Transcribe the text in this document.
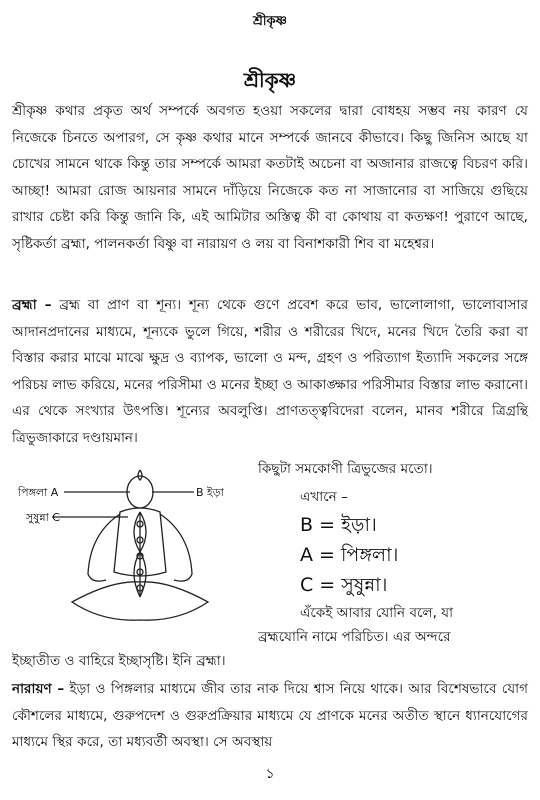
শ্রীকৃষ্ণ
শ্রীকৃষ্ণ

শ্রীকৃষ্ণ কথার প্রকৃত অর্থ সম্পর্কে অবগত হওয়া সকলের দ্বারা বোধহয় সম্ভব নয় কারণ যে নিজেকে চিনতে অপারগ, সে কৃষ্ণ কথার মানে সম্পর্কে জানবে কীভাবে। কিছু জিনিস আছে যা চোখের সামনে থাকে কিন্তু তার সম্পর্কে আমরা কতটাই অচেনা বা অজানার রাজত্বে বিচরণ করি। আচ্ছা! আমরা রোজ আয়নার সামনে দাঁড়িয়ে নিজেকে কত না সাজানোর বা সাজিয়ে গুছিয়ে রাখার চেষ্টা করি কিন্তু জানি কি, এই আমিটার অস্তিত্ব কী বা কোথায় বা কতক্ষণ! পুরাণে আছে, সৃষ্টিকর্তা ব্রহ্মা, পালনকর্তা বিষ্ণু বা নারায়ণ ও লয় বা বিনাশকারী শিব বা মহেশ্বর।

ব্রহ্মা – ব্রহ্ম বা প্রাণ বা শূন্য। শূন্য থেকে গুণে প্রবেশ করে ভাব, ভালোলাগা, ভালোবাসার আদানপ্রদানের মাধ্যমে, শূন্যকে ভুলে গিয়ে, শরীর ও শরীরের খিদে, মনের খিদে তৈরি করা বা বিস্তার করার মাঝে মাঝে ক্ষুদ্র ও ব্যাপক, ভালো ও মন্দ, গ্রহণ ও পরিত্যাগ ইত্যাদি সকলের সঙ্গে পরিচয় লাভ করিয়ে, মনের পরিসীমা ও মনের ইচ্ছা ও আকাঙ্ক্ষার পরিসীমার বিস্তার লাভ করানো। এর থেকে সংখ্যার উৎপত্তি। শূন্যের অবলুপ্তি। প্রাণতত্ত্ববিদেরা বলেন, মানব শরীরে ত্রিগ্রন্থি ত্রিভুজাকারে দণ্ডায়মান।

কিছুটা সমকোণী ত্রিভুজের মতো।
এখানে –
B = ইড়া।
A = পিঙ্গলা।
C = সুষুন্না।
এঁকেই আবার যোনি বলে, যা
ব্রহ্মযোনি নামে পরিচিত। এর অন্দরে
পিঙ্গলা A
সুষুন্না C
B ইড়া
ইচ্ছাতীত ও বাহিরে ইচ্ছাসৃষ্টি। ইনি ব্রহ্মা।

নারায়ণ – ইড়া ও পিঙ্গলার মাধ্যমে জীব তার নাক দিয়ে শ্বাস নিয়ে থাকে। আর বিশেষভাবে যোগ কৌশলের মাধ্যমে, গুরুপদেশ ও গুরুপ্রক্রিয়ার মাধ্যমে যে প্রাণকে মনের অতীত স্থানে ধ্যানযোগের মাধ্যমে স্থির করে, তা মধ্যবর্তী অবস্থা। সে অবস্থায়

১
